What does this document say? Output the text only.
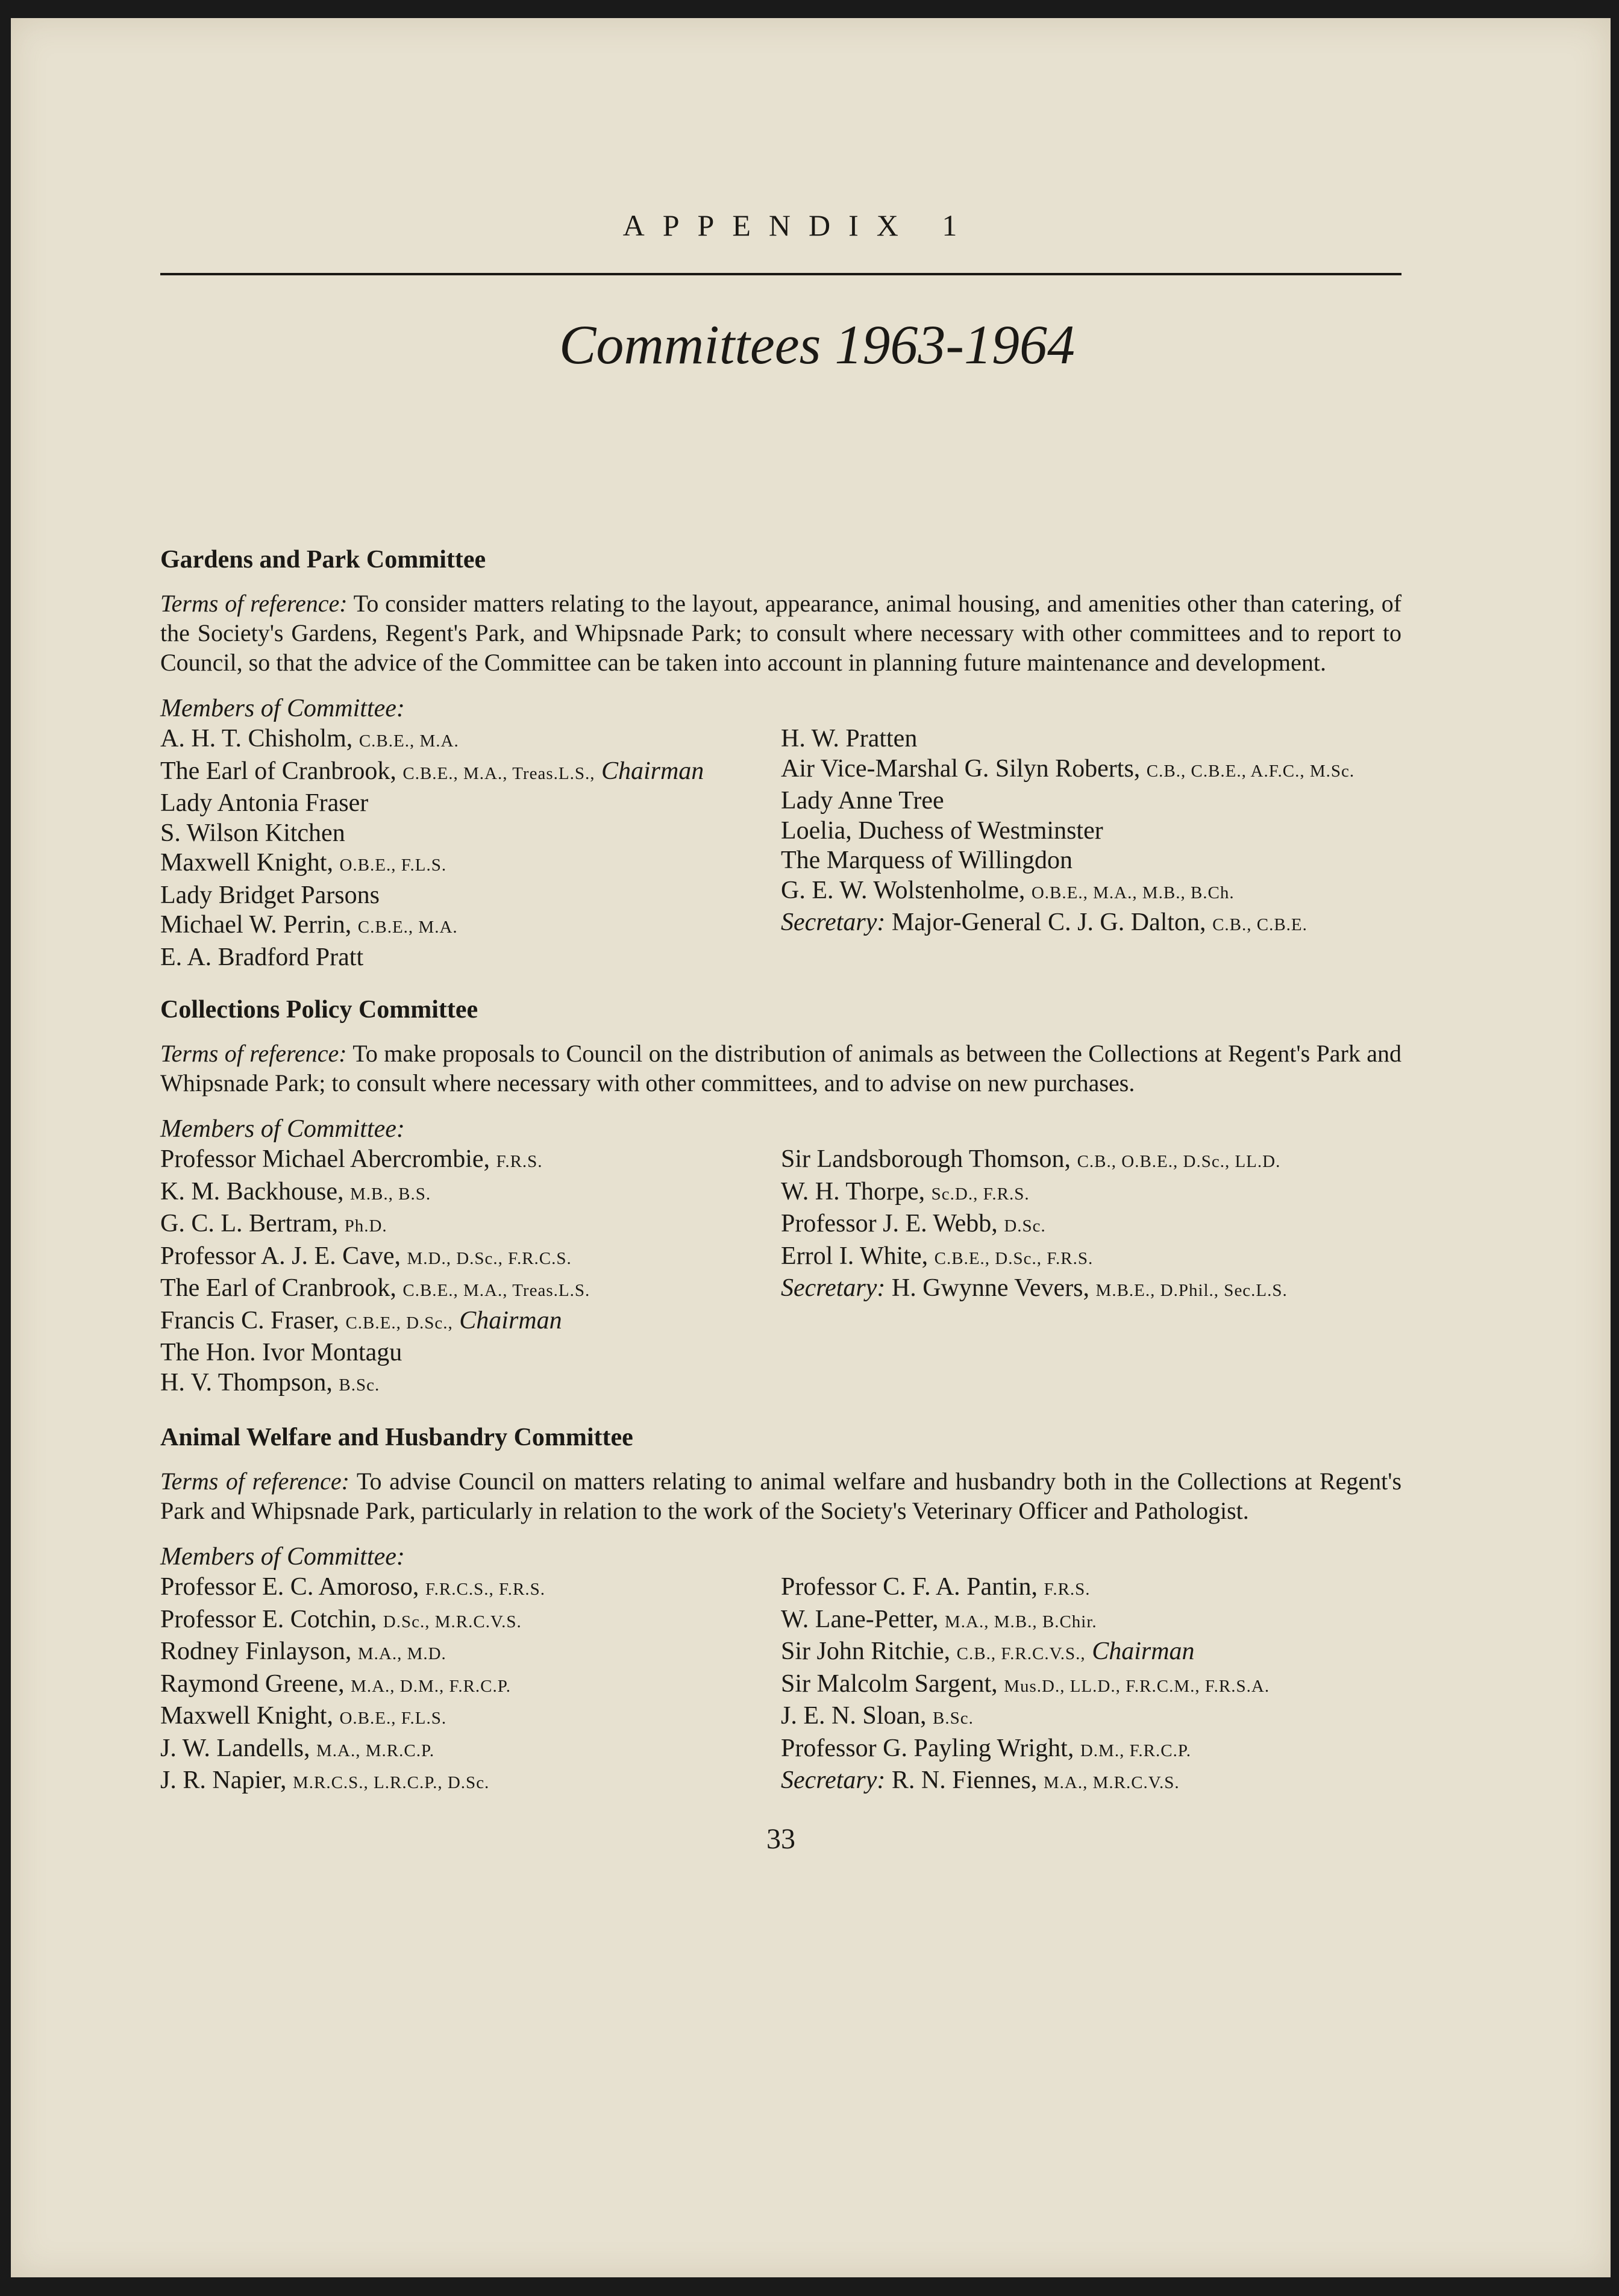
APPENDIX 1
Committees 1963-1964
Gardens and Park Committee
Terms of reference: To consider matters relating to the layout, appearance, animal housing, and amenities other than catering, of the Society's Gardens, Regent's Park, and Whipsnade Park; to consult where necessary with other committees and to report to Council, so that the advice of the Committee can be taken into account in planning future maintenance and development.
Members of Committee:
A. H. T. Chisholm, C.B.E., M.A.
The Earl of Cranbrook, C.B.E., M.A., Treas.L.S., Chairman
Lady Antonia Fraser
S. Wilson Kitchen
Maxwell Knight, O.B.E., F.L.S.
Lady Bridget Parsons
Michael W. Perrin, C.B.E., M.A.
E. A. Bradford Pratt
H. W. Pratten
Air Vice-Marshal G. Silyn Roberts, C.B., C.B.E., A.F.C., M.Sc.
Lady Anne Tree
Loelia, Duchess of Westminster
The Marquess of Willingdon
G. E. W. Wolstenholme, O.B.E., M.A., M.B., B.Ch.
Secretary: Major-General C. J. G. Dalton, C.B., C.B.E.
Collections Policy Committee
Terms of reference: To make proposals to Council on the distribution of animals as between the Collections at Regent's Park and Whipsnade Park; to consult where necessary with other committees, and to advise on new purchases.
Members of Committee:
Professor Michael Abercrombie, F.R.S.
K. M. Backhouse, M.B., B.S.
G. C. L. Bertram, Ph.D.
Professor A. J. E. Cave, M.D., D.Sc., F.R.C.S.
The Earl of Cranbrook, C.B.E., M.A., Treas.L.S.
Francis C. Fraser, C.B.E., D.Sc., Chairman
The Hon. Ivor Montagu
H. V. Thompson, B.Sc.
Sir Landsborough Thomson, C.B., O.B.E., D.Sc., LL.D.
W. H. Thorpe, Sc.D., F.R.S.
Professor J. E. Webb, D.Sc.
Errol I. White, C.B.E., D.Sc., F.R.S.
Secretary: H. Gwynne Vevers, M.B.E., D.Phil., Sec.L.S.
Animal Welfare and Husbandry Committee
Terms of reference: To advise Council on matters relating to animal welfare and husbandry both in the Collections at Regent's Park and Whipsnade Park, particularly in relation to the work of the Society's Veterinary Officer and Pathologist.
Members of Committee:
Professor E. C. Amoroso, F.R.C.S., F.R.S.
Professor E. Cotchin, D.Sc., M.R.C.V.S.
Rodney Finlayson, M.A., M.D.
Raymond Greene, M.A., D.M., F.R.C.P.
Maxwell Knight, O.B.E., F.L.S.
J. W. Landells, M.A., M.R.C.P.
J. R. Napier, M.R.C.S., L.R.C.P., D.Sc.
Professor C. F. A. Pantin, F.R.S.
W. Lane-Petter, M.A., M.B., B.Chir.
Sir John Ritchie, C.B., F.R.C.V.S., Chairman
Sir Malcolm Sargent, Mus.D., LL.D., F.R.C.M., F.R.S.A.
J. E. N. Sloan, B.Sc.
Professor G. Payling Wright, D.M., F.R.C.P.
Secretary: R. N. Fiennes, M.A., M.R.C.V.S.
33
